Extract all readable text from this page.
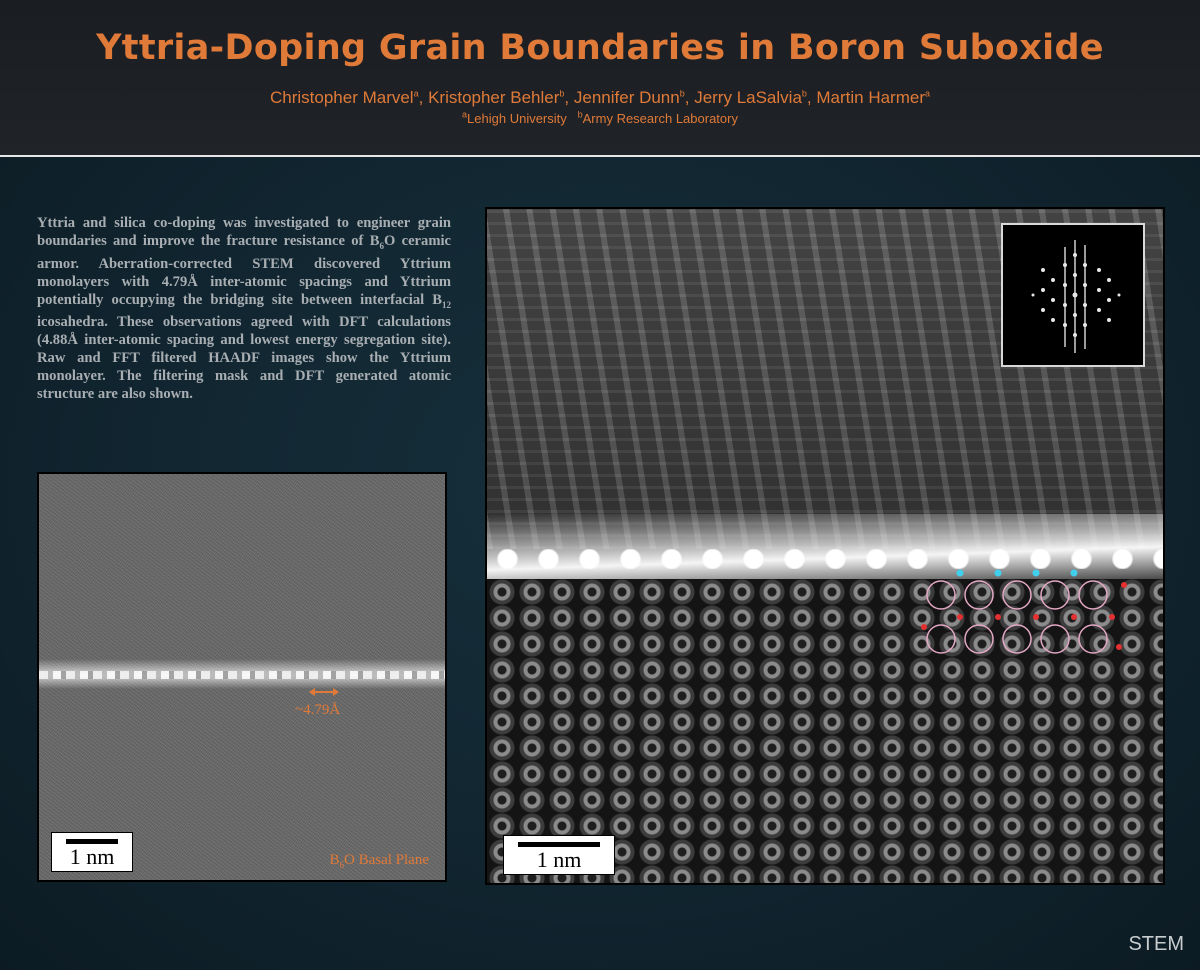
Yttria-Doping Grain Boundaries in Boron Suboxide
Christopher Marvel$^a$, Kristopher Behler$^b$, Jennifer Dunn$^b$, Jerry LaSalvia$^b$, Martin Harmer$^a$
$^a$Lehigh University $^b$Army Research Laboratory
Yttria and silica co-doping was investigated to engineer grain boundaries and improve the fracture resistance of $B_6O$ ceramic armor. Aberration-corrected STEM discovered Yttrium monolayers with 4.79Å inter-atomic spacings and Yttrium potentially occupying the bridging site between interfacial $B_{12}$ icosahedra. These observations agreed with DFT calculations (4.88Å inter-atomic spacing and lowest energy segregation site). Raw and FFT filtered HAADF images show the Yttrium monolayer. The filtering mask and DFT generated atomic structure are also shown.
~4.79Å
1 nm	$B_6O$ Basal Plane	1 nm
STEM
